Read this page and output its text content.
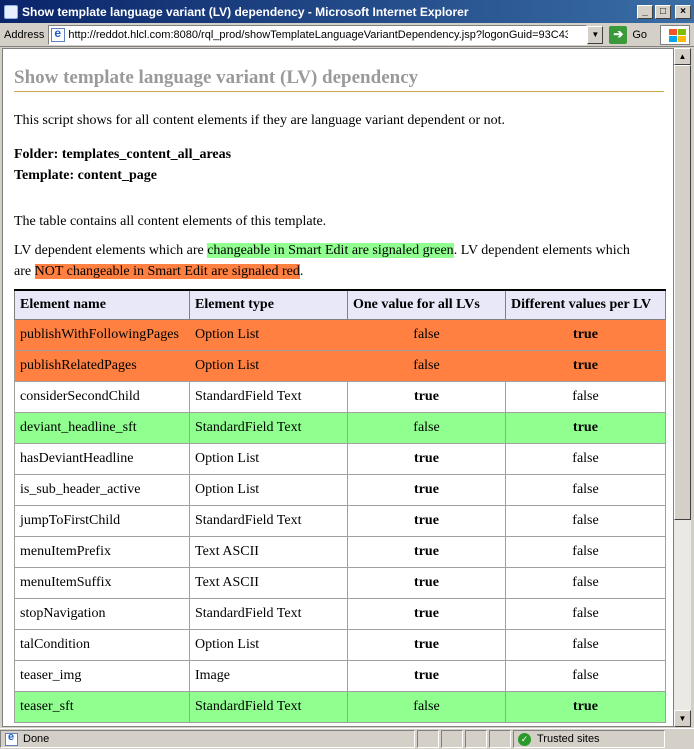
Show template language variant (LV) dependency - Microsoft Internet Explorer	_	□	×
Address e
http://reddot.hlcl.com:8080/rql_prod/showTemplateLanguageVariantDependency.jsp?logonGuid=93C43l	▼	➔ Go
Show template language variant (LV) dependency
This script shows for all content elements if they are language variant dependent or not.
Folder: templates_content_all_areas
Template: content_page
The table contains all content elements of this template.
LV dependent elements which are changeable in Smart Edit are signaled green. LV dependent elements which are NOT changeable in Smart Edit are signaled red.
Element name	Element type	One value for all LVs	Different values per LV
publishWithFollowingPages	Option List	false	true
publishRelatedPages	Option List	false	true
considerSecondChild	StandardField Text	true	false
deviant_headline_sft	StandardField Text	false	true
hasDeviantHeadline	Option List	true	false
is_sub_header_active	Option List	true	false
jumpToFirstChild	StandardField Text	true	false
menuItemPrefix	Text ASCII	true	false
menuItemSuffix	Text ASCII	true	false
stopNavigation	StandardField Text	true	false
talCondition	Option List	true	false
teaser_img	Image	true	false
teaser_sft	StandardField Text	false	true
▲
▼
e
Done	✓ Trusted sites
